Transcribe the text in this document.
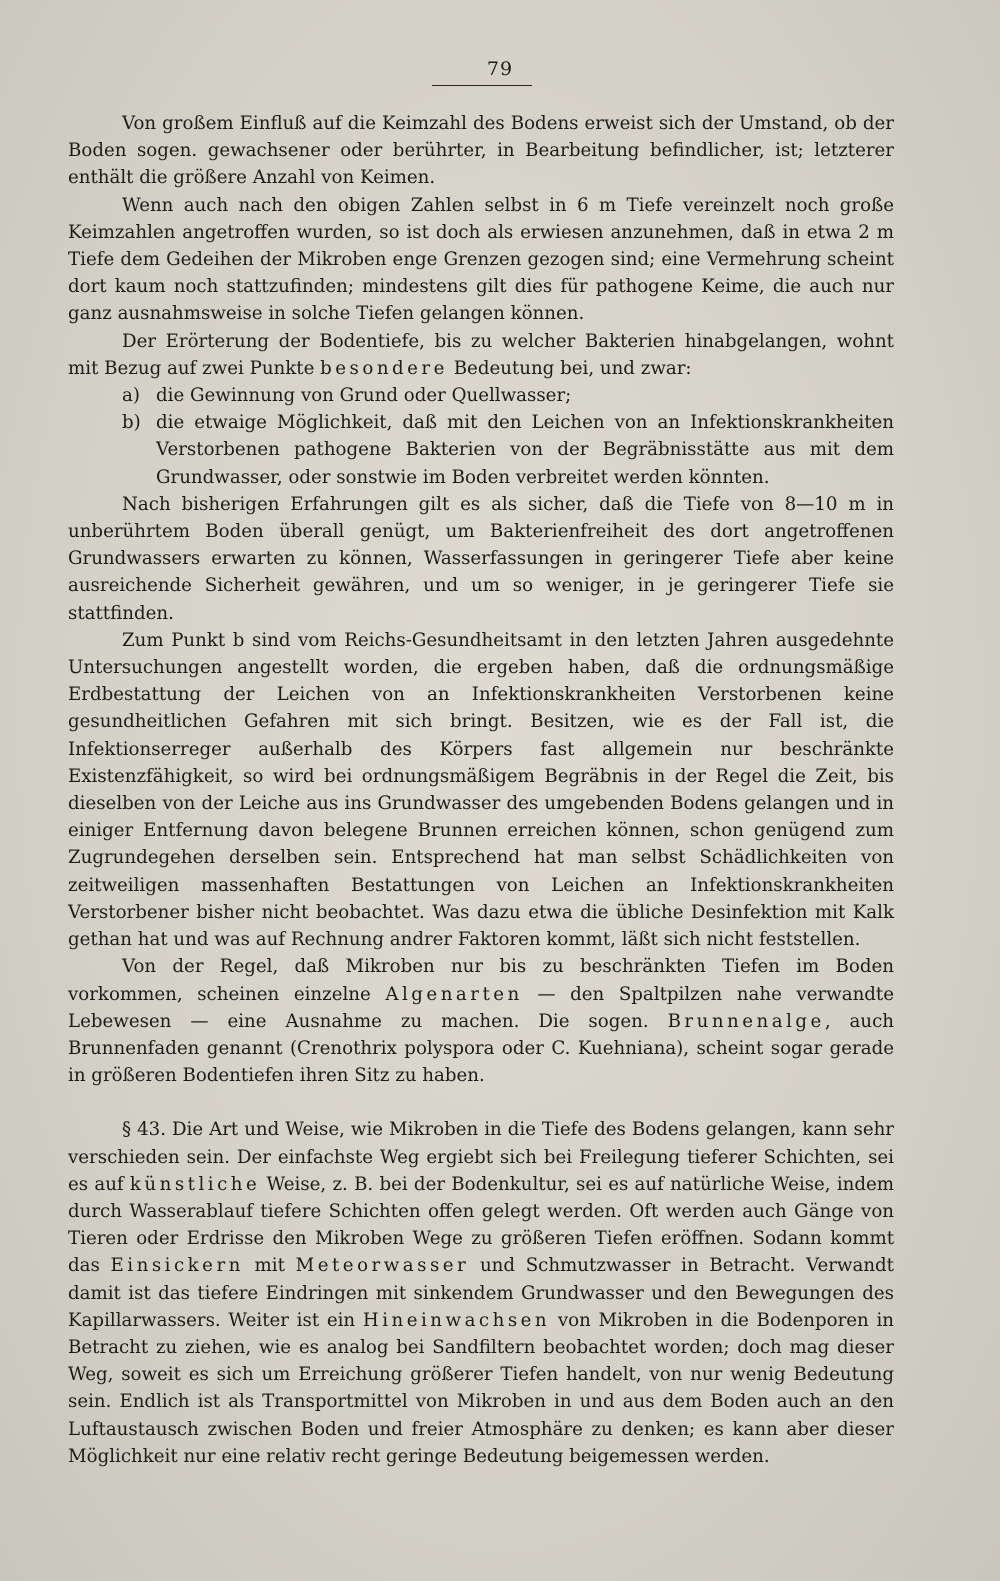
79

Von großem Einfluß auf die Keimzahl des Bodens erweist sich der Umstand, ob der Boden sogen. gewachsener oder berührter, in Bearbeitung befindlicher, ist; letzterer enthält die größere Anzahl von Keimen.

Wenn auch nach den obigen Zahlen selbst in 6 m Tiefe vereinzelt noch große Keimzahlen angetroffen wurden, so ist doch als erwiesen anzunehmen, daß in etwa 2 m Tiefe dem Gedeihen der Mikroben enge Grenzen gezogen sind; eine Vermehrung scheint dort kaum noch stattzufinden; mindestens gilt dies für pathogene Keime, die auch nur ganz ausnahmsweise in solche Tiefen gelangen können.

Der Erörterung der Bodentiefe, bis zu welcher Bakterien hinabgelangen, wohnt mit Bezug auf zwei Punkte besondere Bedeutung bei, und zwar:

a) die Gewinnung von Grund oder Quellwasser;
b) die etwaige Möglichkeit, daß mit den Leichen von an Infektionskrankheiten Verstorbenen pathogene Bakterien von der Begräbnisstätte aus mit dem Grundwasser, oder sonstwie im Boden verbreitet werden könnten.

Nach bisherigen Erfahrungen gilt es als sicher, daß die Tiefe von 8—10 m in unberührtem Boden überall genügt, um Bakterienfreiheit des dort angetroffenen Grundwassers erwarten zu können, Wasserfassungen in geringerer Tiefe aber keine ausreichende Sicherheit gewähren, und um so weniger, in je geringerer Tiefe sie stattfinden.

Zum Punkt b sind vom Reichs-Gesundheitsamt in den letzten Jahren ausgedehnte Untersuchungen angestellt worden, die ergeben haben, daß die ordnungsmäßige Erdbestattung der Leichen von an Infektionskrankheiten Verstorbenen keine gesundheitlichen Gefahren mit sich bringt. Besitzen, wie es der Fall ist, die Infektionserreger außerhalb des Körpers fast allgemein nur beschränkte Existenzfähigkeit, so wird bei ordnungsmäßigem Begräbnis in der Regel die Zeit, bis dieselben von der Leiche aus ins Grundwasser des umgebenden Bodens gelangen und in einiger Entfernung davon belegene Brunnen erreichen können, schon genügend zum Zugrundegehen derselben sein. Entsprechend hat man selbst Schädlichkeiten von zeitweiligen massenhaften Bestattungen von Leichen an Infektionskrankheiten Verstorbener bisher nicht beobachtet. Was dazu etwa die übliche Desinfektion mit Kalk gethan hat und was auf Rechnung andrer Faktoren kommt, läßt sich nicht feststellen.

Von der Regel, daß Mikroben nur bis zu beschränkten Tiefen im Boden vorkommen, scheinen einzelne Algenarten — den Spaltpilzen nahe verwandte Lebewesen — eine Ausnahme zu machen. Die sogen. Brunnenalge, auch Brunnenfaden genannt (Crenothrix polyspora oder C. Kuehniana), scheint sogar gerade in größeren Bodentiefen ihren Sitz zu haben.

§ 43. Die Art und Weise, wie Mikroben in die Tiefe des Bodens gelangen, kann sehr verschieden sein. Der einfachste Weg ergiebt sich bei Freilegung tieferer Schichten, sei es auf künstliche Weise, z. B. bei der Bodenkultur, sei es auf natürliche Weise, indem durch Wasserablauf tiefere Schichten offen gelegt werden. Oft werden auch Gänge von Tieren oder Erdrisse den Mikroben Wege zu größeren Tiefen eröffnen. Sodann kommt das Einsickern mit Meteorwasser und Schmutzwasser in Betracht. Verwandt damit ist das tiefere Eindringen mit sinkendem Grundwasser und den Bewegungen des Kapillarwassers. Weiter ist ein Hineinwachsen von Mikroben in die Bodenporen in Betracht zu ziehen, wie es analog bei Sandfiltern beobachtet worden; doch mag dieser Weg, soweit es sich um Erreichung größerer Tiefen handelt, von nur wenig Bedeutung sein. Endlich ist als Transportmittel von Mikroben in und aus dem Boden auch an den Luftaustausch zwischen Boden und freier Atmosphäre zu denken; es kann aber dieser Möglichkeit nur eine relativ recht geringe Bedeutung beigemessen werden.
